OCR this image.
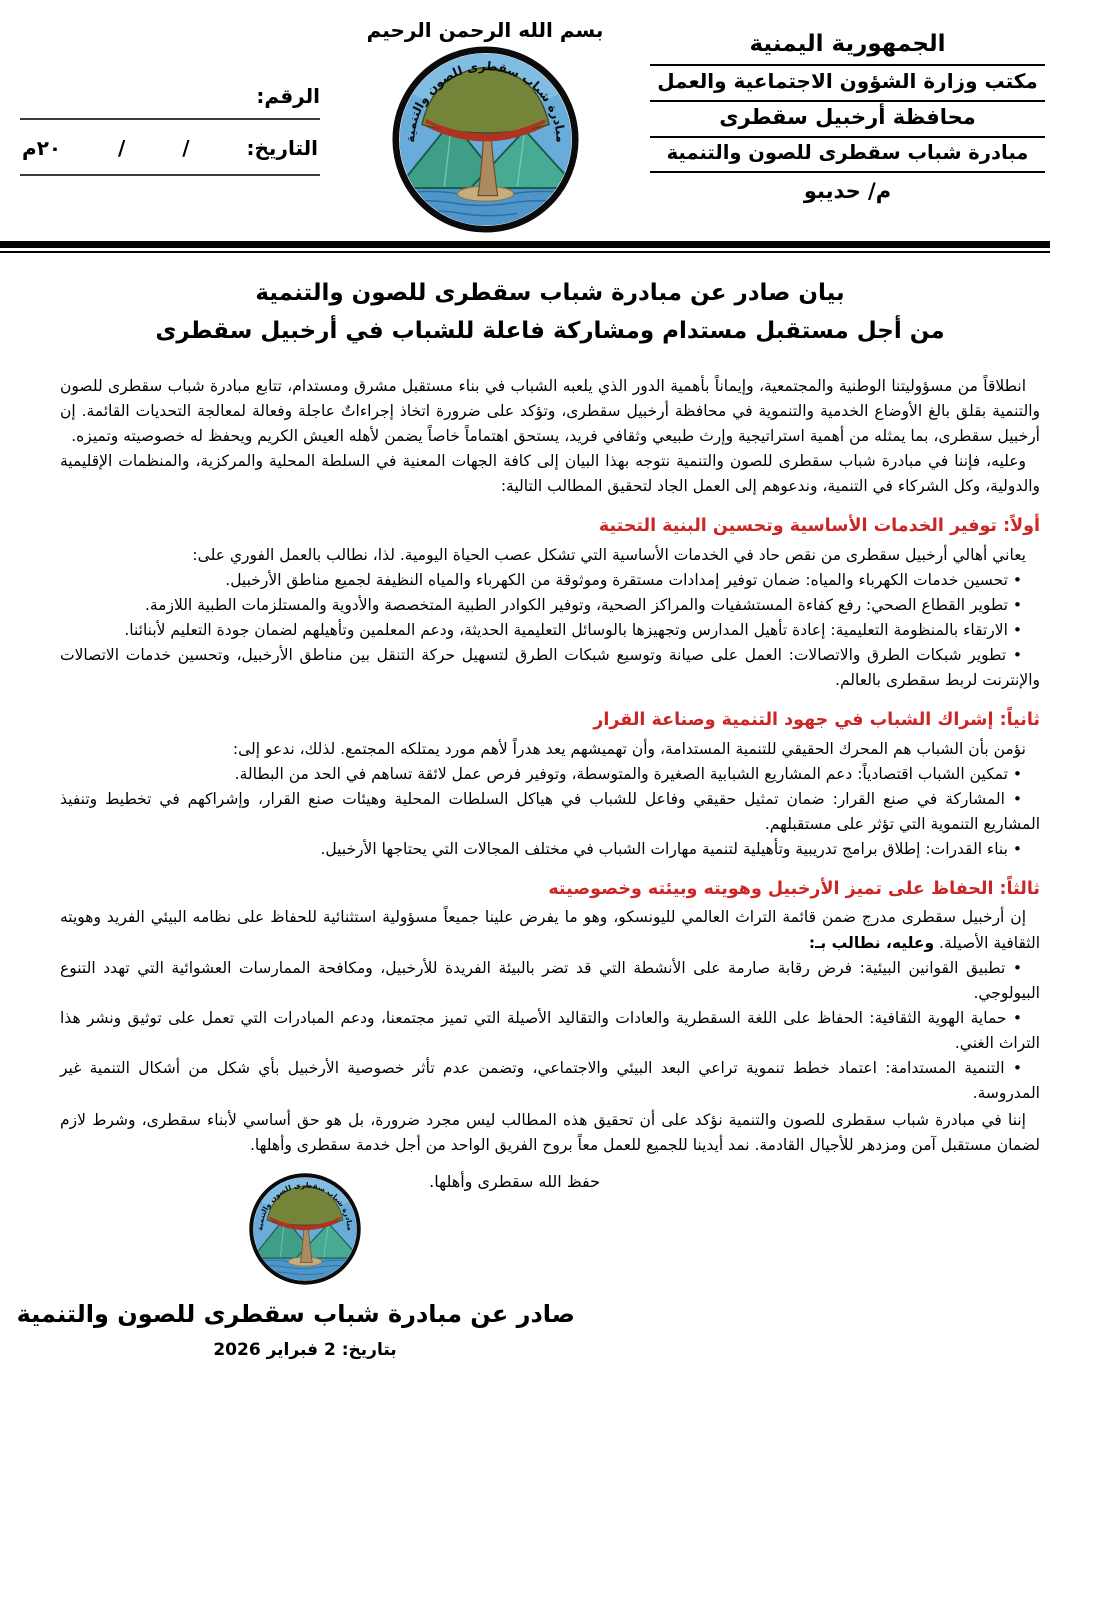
الجمهورية اليمنية
مكتب وزارة الشؤون الاجتماعية والعمل
محافظة أرخبيل سقطرى
مبادرة شباب سقطرى للصون والتنمية
م/ حديبو
بسم الله الرحمن الرحيم
الرقم:
التاريخ:
/
/
٢٠م
بيان صادر عن مبادرة شباب سقطرى للصون والتنمية
من أجل مستقبل مستدام ومشاركة فاعلة للشباب في أرخبيل سقطرى

انطلاقاً من مسؤوليتنا الوطنية والمجتمعية، وإيماناً بأهمية الدور الذي يلعبه الشباب في بناء مستقبل مشرق ومستدام، تتابع مبادرة شباب سقطرى للصون والتنمية بقلق بالغ الأوضاع الخدمية والتنموية في محافظة أرخبيل سقطرى، وتؤكد على ضرورة اتخاذ إجراءاتٌ عاجلة وفعالة لمعالجة التحديات القائمة. إن أرخبيل سقطرى، بما يمثله من أهمية استراتيجية وإرث طبيعي وثقافي فريد، يستحق اهتماماً خاصاً يضمن لأهله العيش الكريم ويحفظ له خصوصيته وتميزه.

وعليه، فإننا في مبادرة شباب سقطرى للصون والتنمية نتوجه بهذا البيان إلى كافة الجهات المعنية في السلطة المحلية والمركزية، والمنظمات الإقليمية والدولية، وكل الشركاء في التنمية، وندعوهم إلى العمل الجاد لتحقيق المطالب التالية:

أولاً: توفير الخدمات الأساسية وتحسين البنية التحتية

يعاني أهالي أرخبيل سقطرى من نقص حاد في الخدمات الأساسية التي تشكل عصب الحياة اليومية. لذا، نطالب بالعمل الفوري على:

• تحسين خدمات الكهرباء والمياه: ضمان توفير إمدادات مستقرة وموثوقة من الكهرباء والمياه النظيفة لجميع مناطق الأرخبيل.
• تطوير القطاع الصحي: رفع كفاءة المستشفيات والمراكز الصحية، وتوفير الكوادر الطبية المتخصصة والأدوية والمستلزمات الطبية اللازمة.
• الارتقاء بالمنظومة التعليمية: إعادة تأهيل المدارس وتجهيزها بالوسائل التعليمية الحديثة، ودعم المعلمين وتأهيلهم لضمان جودة التعليم لأبنائنا.
• تطوير شبكات الطرق والاتصالات: العمل على صيانة وتوسيع شبكات الطرق لتسهيل حركة التنقل بين مناطق الأرخبيل، وتحسين خدمات الاتصالات والإنترنت لربط سقطرى بالعالم.
ثانياً: إشراك الشباب في جهود التنمية وصناعة القرار

نؤمن بأن الشباب هم المحرك الحقيقي للتنمية المستدامة، وأن تهميشهم يعد هدراً لأهم مورد يمتلكه المجتمع. لذلك، ندعو إلى:

• تمكين الشباب اقتصادياً: دعم المشاريع الشبابية الصغيرة والمتوسطة، وتوفير فرص عمل لائقة تساهم في الحد من البطالة.
• المشاركة في صنع القرار: ضمان تمثيل حقيقي وفاعل للشباب في هياكل السلطات المحلية وهيئات صنع القرار، وإشراكهم في تخطيط وتنفيذ المشاريع التنموية التي تؤثر على مستقبلهم.
• بناء القدرات: إطلاق برامج تدريبية وتأهيلية لتنمية مهارات الشباب في مختلف المجالات التي يحتاجها الأرخبيل.
ثالثاً: الحفاظ على تميز الأرخبيل وهويته وبيئته وخصوصيته

إن أرخبيل سقطرى مدرج ضمن قائمة التراث العالمي لليونسكو، وهو ما يفرض علينا جميعاً مسؤولية استثنائية للحفاظ على نظامه البيئي الفريد وهويته الثقافية الأصيلة. وعليه، نطالب بـ:

• تطبيق القوانين البيئية: فرض رقابة صارمة على الأنشطة التي قد تضر بالبيئة الفريدة للأرخبيل، ومكافحة الممارسات العشوائية التي تهدد التنوع البيولوجي.
• حماية الهوية الثقافية: الحفاظ على اللغة السقطرية والعادات والتقاليد الأصيلة التي تميز مجتمعنا، ودعم المبادرات التي تعمل على توثيق ونشر هذا التراث الغني.
• التنمية المستدامة: اعتماد خطط تنموية تراعي البعد البيئي والاجتماعي، وتضمن عدم تأثر خصوصية الأرخبيل بأي شكل من أشكال التنمية غير المدروسة.

إننا في مبادرة شباب سقطرى للصون والتنمية نؤكد على أن تحقيق هذه المطالب ليس مجرد ضرورة، بل هو حق أساسي لأبناء سقطرى، وشرط لازم لضمان مستقبل آمن ومزدهر للأجيال القادمة. نمد أيدينا للجميع للعمل معاً بروح الفريق الواحد من أجل خدمة سقطرى وأهلها.

حفظ الله سقطرى وأهلها.
صادر عن مبادرة شباب سقطرى للصون والتنمية
بتاريخ: 2 فبراير 2026
